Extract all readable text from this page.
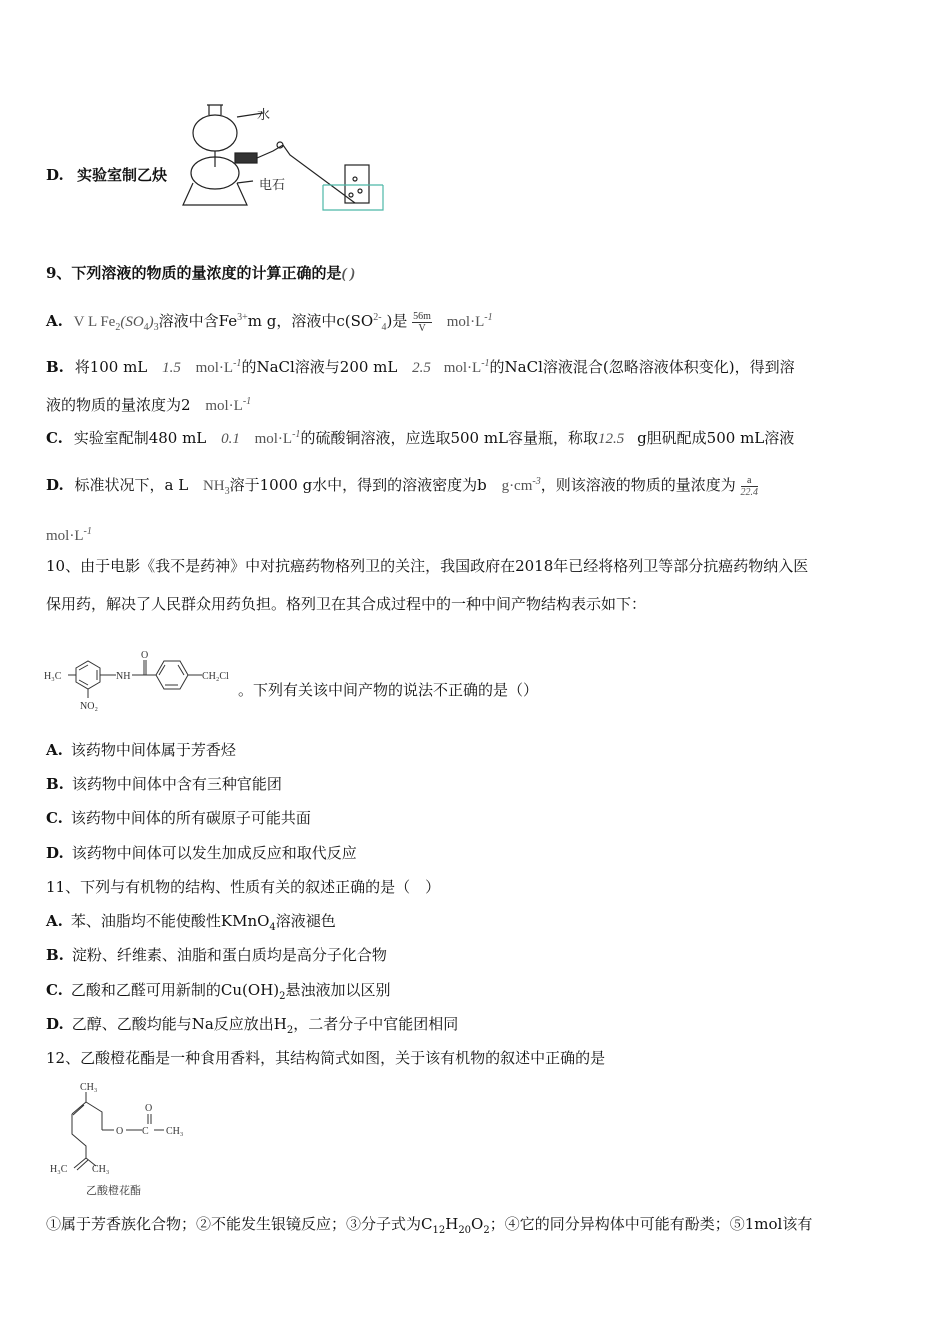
D. 实验室制乙炔
水
电石
9、下列溶液的物质的量浓度的计算正确的是( )
A. V L $Fe_2(SO_4)_3$溶液中含$Fe^{3+}m$ g，溶液中$c(SO^{2-}_4)$是 $\frac{56m}{V} mol\cdot L^{-1}$
B. 将100 mL 1.5 $mol\cdot L^{-1}$的NaCl溶液与200 mL 2.5 $mol\cdot L^{-1}$的NaCl溶液混合(忽略溶液体积变化)，得到溶
液的物质的量浓度为2 $mol\cdot L^{-1}$
C. 实验室配制480 mL 0.1 $mol\cdot L^{-1}$的硫酸铜溶液，应选取500 mL容量瓶，称取12.5 g胆矾配成500 mL溶液
D. 标准状况下，a L $NH_3$溶于1000 g水中，得到的溶液密度为b $g\cdot cm^{-3}$，则该溶液的物质的量浓度为 $\frac{a}{22.4}$
$mol\cdot L^{-1}$
10、由于电影《我不是药神》中对抗癌药物格列卫的关注，我国政府在2018年已经将格列卫等部分抗癌药物纳入医
保用药，解决了人民群众用药负担。格列卫在其合成过程中的一种中间产物结构表示如下：
H₃C	NH
O
CH₂Cl
NO₂
。下列有关该中间产物的说法不正确的是（）
A. 该药物中间体属于芳香烃
B. 该药物中间体中含有三种官能团
C. 该药物中间体的所有碳原子可能共面
D. 该药物中间体可以发生加成反应和取代反应
11、下列与有机物的结构、性质有关的叙述正确的是（　）
A. 苯、油脂均不能使酸性KMnO$_4$溶液褪色
B. 淀粉、纤维素、油脂和蛋白质均是高分子化合物
C. 乙酸和乙醛可用新制的$Cu(OH)_2$悬浊液加以区别
D. 乙醇、乙酸均能与Na反应放出$H_2$，二者分子中官能团相同
12、乙酸橙花酯是一种食用香料，其结构简式如图，关于该有机物的叙述中正确的是
CH₃
O
O C CH₃
H₃C CH₃
乙酸橙花酯
①属于芳香族化合物；②不能发生银镜反应；③分子式为$C_{12}H_{20}O_2$；④它的同分异构体中可能有酚类；⑤1mol该有
